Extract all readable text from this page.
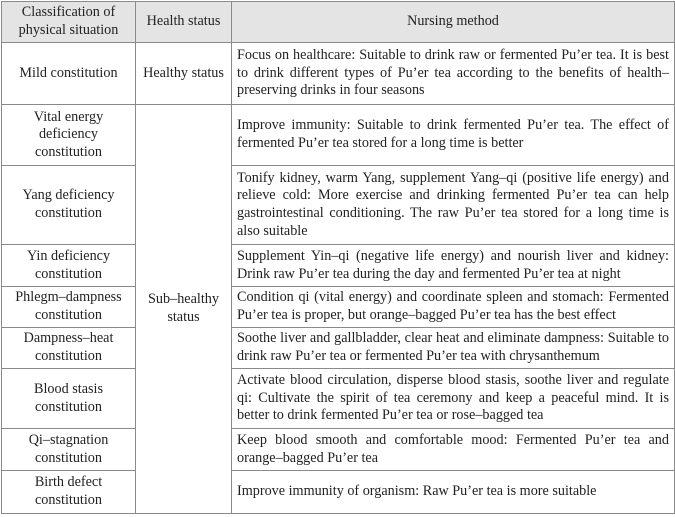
Classification of physical situation	Health status	Nursing method
Mild constitution	Healthy status	Focus on healthcare: Suitable to drink raw or fermented Pu’er tea. It is best to drink different types of Pu’er tea according to the benefits of health–preserving drinks in four seasons
Vital energy deficiency constitution	Sub–healthy status	Improve immunity: Suitable to drink fermented Pu’er tea. The effect of fermented Pu’er tea stored for a long time is better
Yang deficiency constitution		Tonify kidney, warm Yang, supplement Yang–qi (positive life energy) and relieve cold: More exercise and drinking fermented Pu’er tea can help gastrointestinal conditioning. The raw Pu’er tea stored for a long time is also suitable
Yin deficiency constitution		Supplement Yin–qi (negative life energy) and nourish liver and kidney: Drink raw Pu’er tea during the day and fermented Pu’er tea at night
Phlegm–dampness constitution		Condition qi (vital energy) and coordinate spleen and stomach: Fermented Pu’er tea is proper, but orange–bagged Pu’er tea has the best effect
Dampness–heat constitution		Soothe liver and gallbladder, clear heat and eliminate dampness: Suitable to drink raw Pu’er tea or fermented Pu’er tea with chrysanthemum
Blood stasis constitution		Activate blood circulation, disperse blood stasis, soothe liver and regulate qi: Cultivate the spirit of tea ceremony and keep a peaceful mind. It is better to drink fermented Pu’er tea or rose–bagged tea
Qi–stagnation constitution		Keep blood smooth and comfortable mood: Fermented Pu’er tea and orange–bagged Pu’er tea
Birth defect constitution		Improve immunity of organism: Raw Pu’er tea is more suitable
